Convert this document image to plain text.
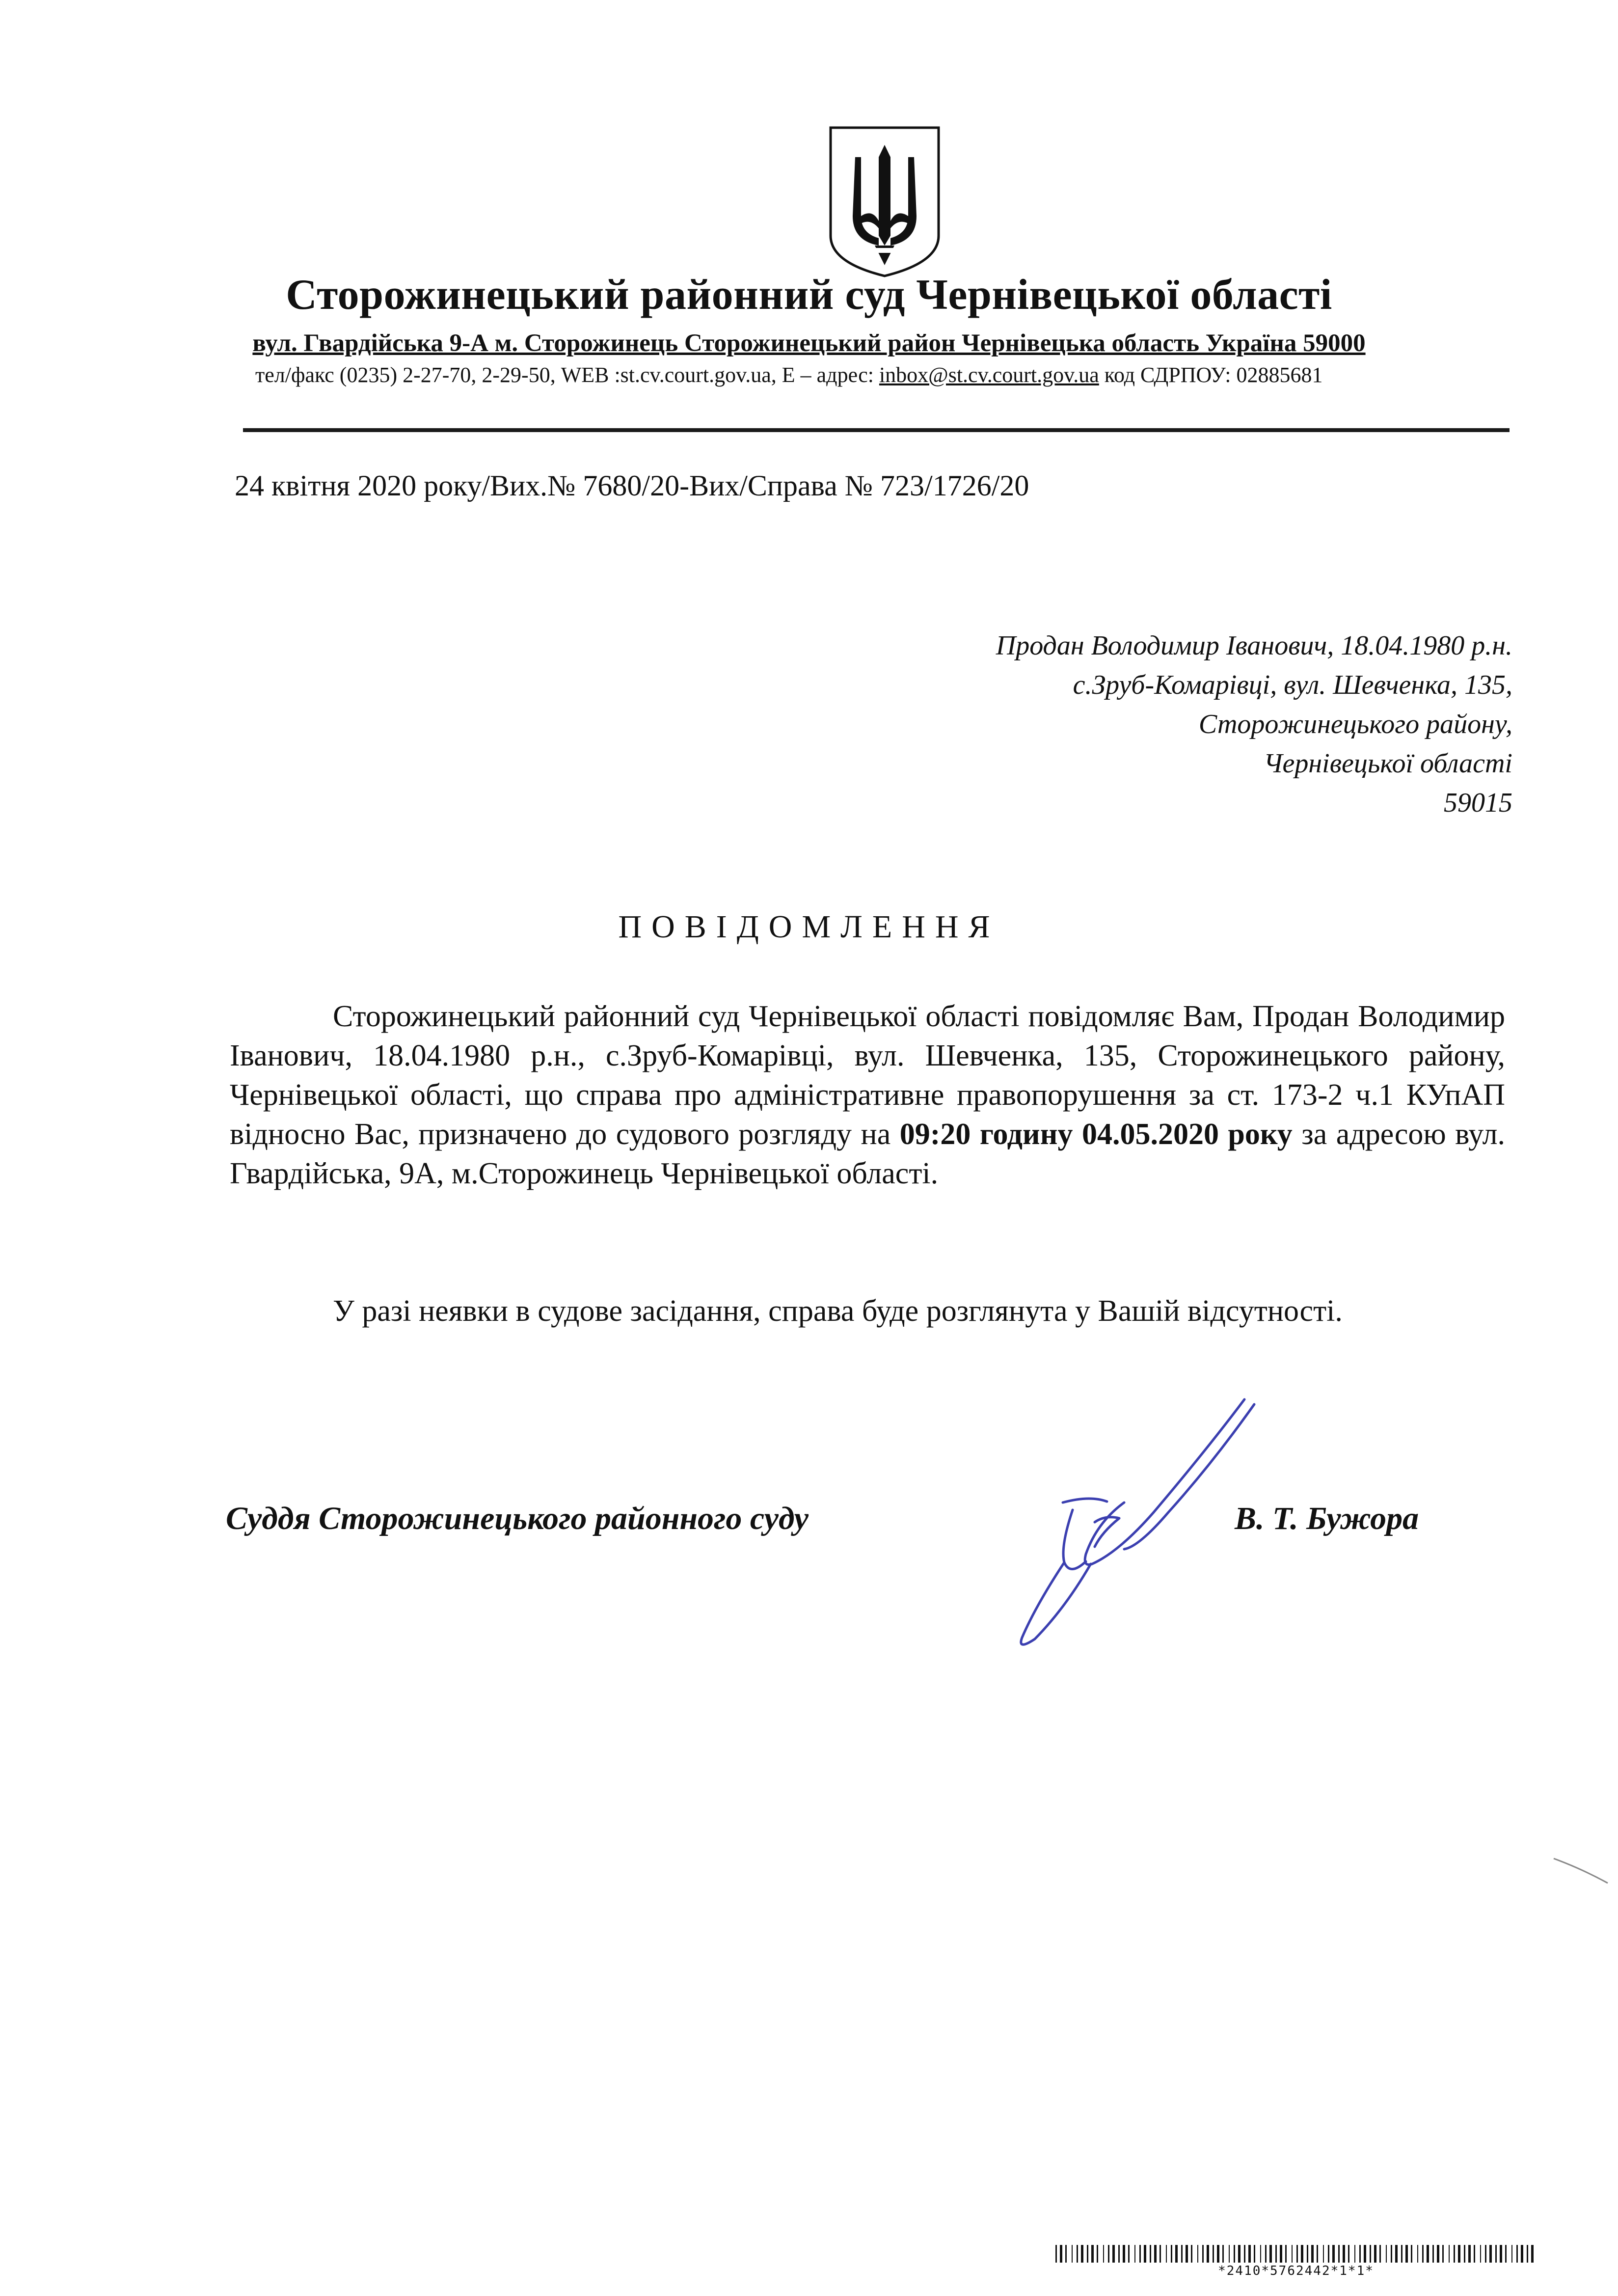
Сторожинецький районний суд Чернівецької області
вул. Гвардійська 9-А м. Сторожинець Сторожинецький район Чернівецька область Україна 59000
тел/факс (0235) 2-27-70, 2-29-50, WEB :st.cv.court.gov.ua, E – адрес: inbox@st.cv.court.gov.ua код СДРПОУ: 02885681
24 квітня 2020 року/Вих.№ 7680/20-Вих/Справа № 723/1726/20
Продан Володимир Іванович, 18.04.1980 р.н.
с.Зруб-Комарівці, вул. Шевченка, 135,
Сторожинецького району,
Чернівецької області
59015
ПОВІДОМЛЕННЯ
Сторожинецький районний суд Чернівецької області повідомляє Вам, Продан Володимир Іванович, 18.04.1980 р.н., с.Зруб-Комарівці, вул. Шевченка, 135, Сторожинецького району, Чернівецької області, що справа про адміністративне правопорушення за ст. 173-2 ч.1 КУпАП відносно Вас, призначено до судового розгляду на 09:20 годину 04.05.2020 року за адресою вул. Гвардійська, 9А, м.Сторожинець Чернівецької області.
У разі неявки в судове засідання, справа буде розглянута у Вашій відсутності.
Суддя Сторожинецького районного суду	В. Т. Бужора
*2410*5762442*1*1*
